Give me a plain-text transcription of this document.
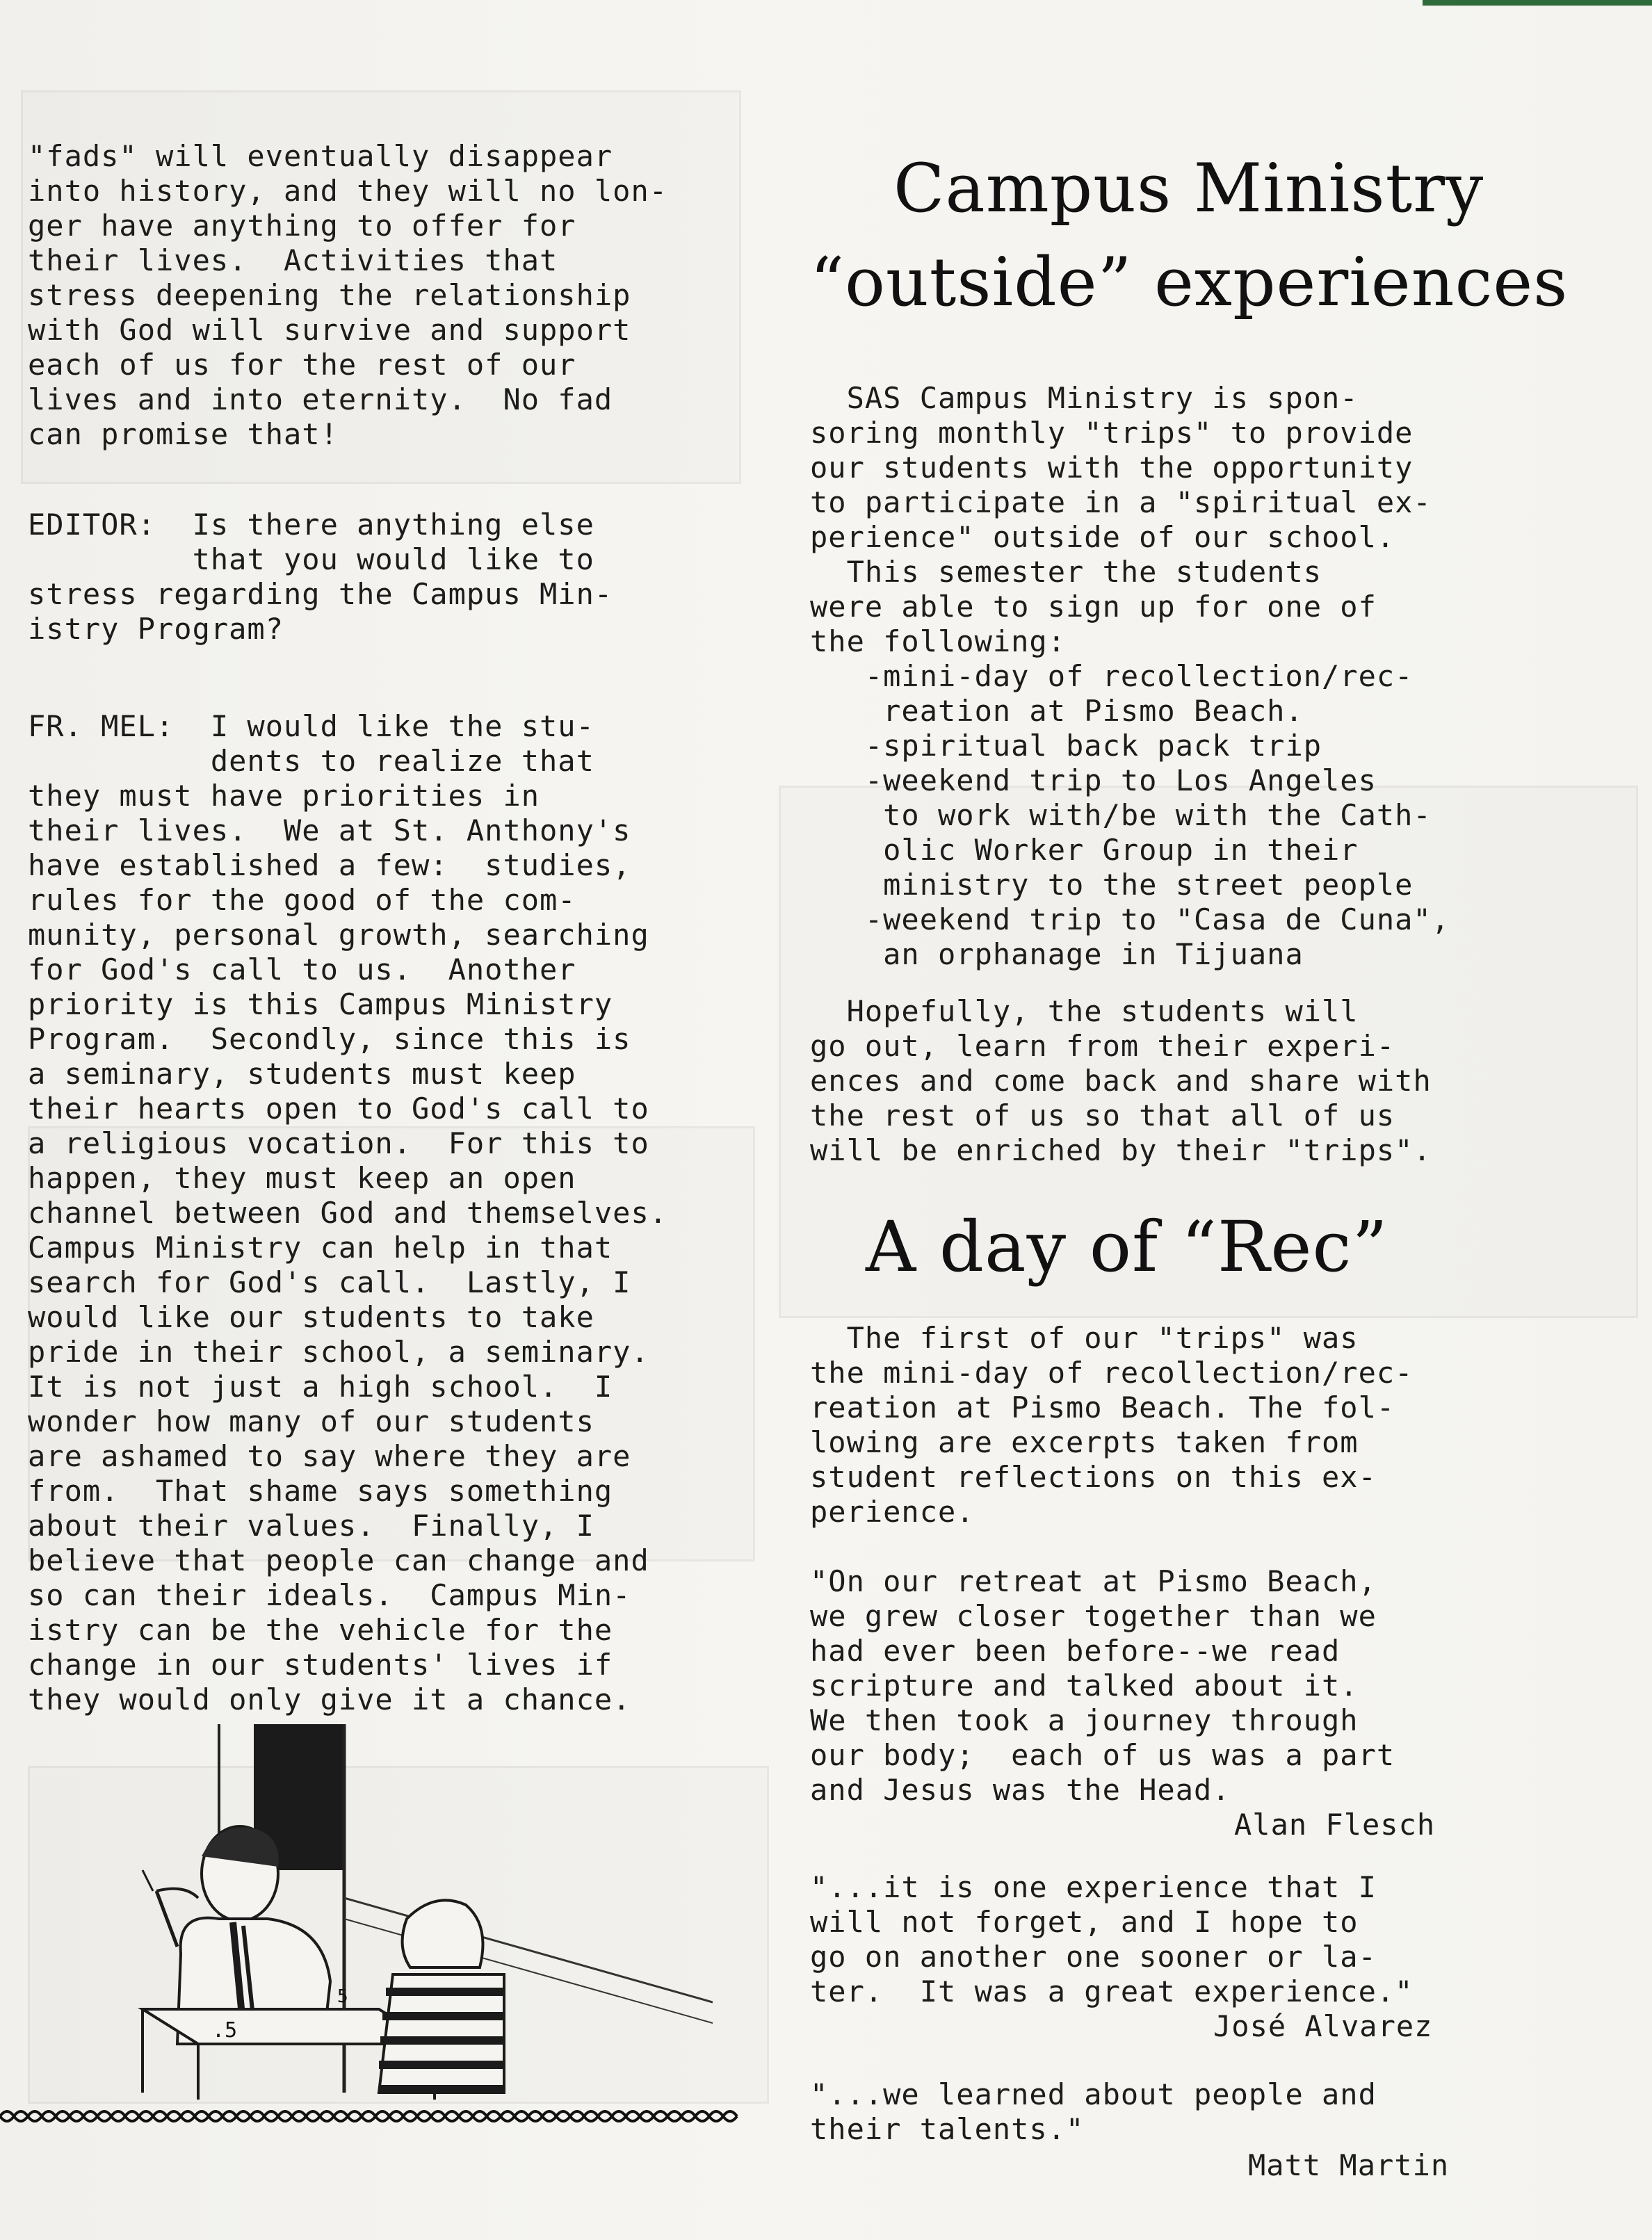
"fads" will eventually disappear
into history, and they will no lon-
ger have anything to offer for
their lives.  Activities that
stress deepening the relationship
with God will survive and support
each of us for the rest of our
lives and into eternity.  No fad
can promise that!
EDITOR:  Is there anything else
that you would like to
stress regarding the Campus Min-
istry Program?
FR. MEL:  I would like the stu-
dents to realize that
they must have priorities in
their lives.  We at St. Anthony's
have established a few:  studies,
rules for the good of the com-
munity, personal growth, searching
for God's call to us.  Another
priority is this Campus Ministry
Program.  Secondly, since this is
a seminary, students must keep
their hearts open to God's call to
a religious vocation.  For this to
happen, they must keep an open
channel between God and themselves.
Campus Ministry can help in that
search for God's call.  Lastly, I
would like our students to take
pride in their school, a seminary.
It is not just a high school.  I
wonder how many of our students
are ashamed to say where they are
from.  That shame says something
about their values.  Finally, I
believe that people can change and
so can their ideals.  Campus Min-
istry can be the vehicle for the
change in our students' lives if
they would only give it a chance.
.5
5
Campus Ministry
“outside” experiences
SAS Campus Ministry is spon-
soring monthly "trips" to provide
our students with the opportunity
to participate in a "spiritual ex-
perience" outside of our school.
This semester the students
were able to sign up for one of
the following:
-mini-day of recollection/rec-
reation at Pismo Beach.
-spiritual back pack trip
-weekend trip to Los Angeles
to work with/be with the Cath-
olic Worker Group in their
ministry to the street people
-weekend trip to "Casa de Cuna",
an orphanage in Tijuana
Hopefully, the students will
go out, learn from their experi-
ences and come back and share with
the rest of us so that all of us
will be enriched by their "trips".
A day of “Rec”
The first of our "trips" was
the mini-day of recollection/rec-
reation at Pismo Beach. The fol-
lowing are excerpts taken from
student reflections on this ex-
perience.
"On our retreat at Pismo Beach,
we grew closer together than we
had ever been before--we read
scripture and talked about it.
We then took a journey through
our body;  each of us was a part
and Jesus was the Head.
Alan Flesch
"...it is one experience that I
will not forget, and I hope to
go on another one sooner or la-
ter.  It was a great experience."
José Alvarez
"...we learned about people and
their talents."
Matt Martin
